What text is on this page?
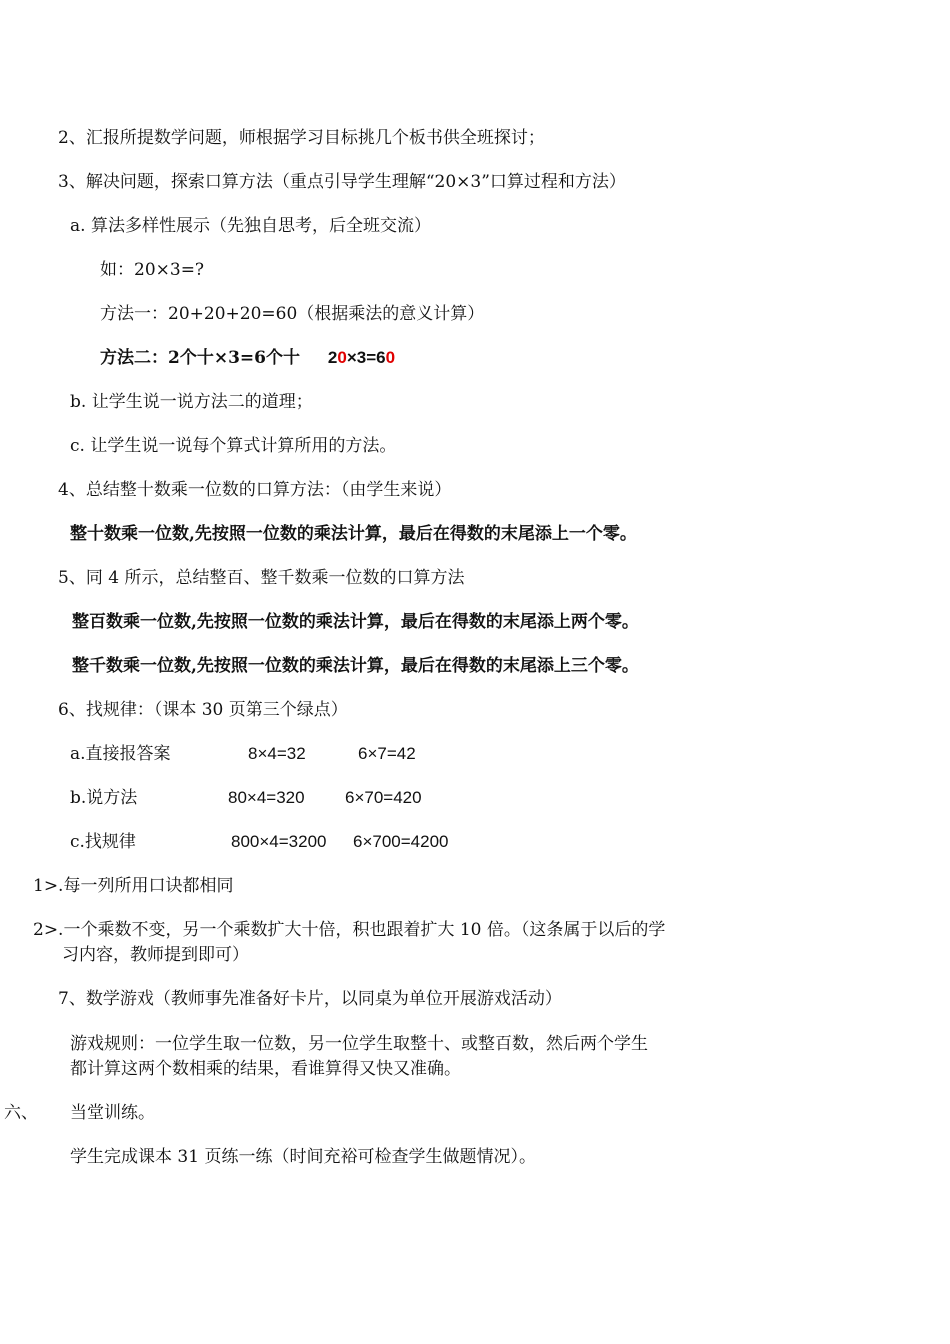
2、汇报所提数学问题，师根据学习目标挑几个板书供全班探讨；
3、解决问题，探索口算方法（重点引导学生理解“20×3”口算过程和方法）
a. 算法多样性展示（先独自思考，后全班交流）
如：20×3=?
方法一：20+20+20=60（根据乘法的意义计算）
方法二：2个十×3=6个十 20×3=60
b. 让学生说一说方法二的道理；
c. 让学生说一说每个算式计算所用的方法。
4、总结整十数乘一位数的口算方法：（由学生来说）
整十数乘一位数,先按照一位数的乘法计算，最后在得数的末尾添上一个零。
5、同 4 所示，总结整百、整千数乘一位数的口算方法
整百数乘一位数,先按照一位数的乘法计算，最后在得数的末尾添上两个零。
整千数乘一位数,先按照一位数的乘法计算，最后在得数的末尾添上三个零。
6、找规律：（课本 30 页第三个绿点）
a.直接报答案	8×4=32	6×7=42
b.说方法	80×4=320 6×70=420
c.找规律	800×4=3200 6×700=4200
1>.每一列所用口诀都相同
2>.一个乘数不变，另一个乘数扩大十倍，积也跟着扩大 10 倍。（这条属于以后的学
习内容，教师提到即可）
7、数学游戏（教师事先准备好卡片，以同桌为单位开展游戏活动）
游戏规则：一位学生取一位数，另一位学生取整十、或整百数，然后两个学生
都计算这两个数相乘的结果，看谁算得又快又准确。
六、 当堂训练。
学生完成课本 31 页练一练（时间充裕可检查学生做题情况）。
